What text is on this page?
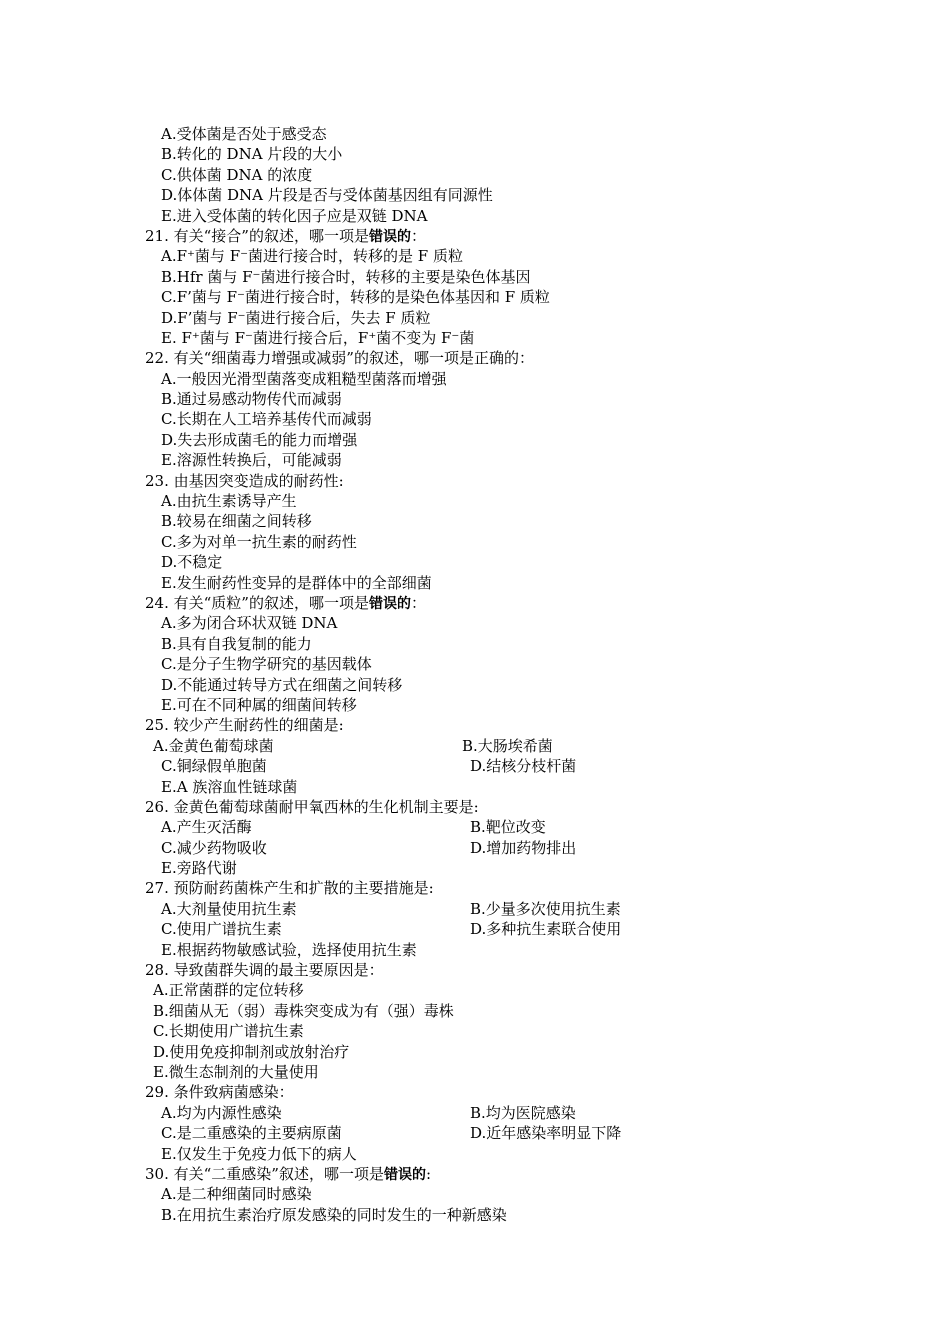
A.受体菌是否处于感受态
B.转化的 DNA 片段的大小
C.供体菌 DNA 的浓度
D.体体菌 DNA 片段是否与受体菌基因组有同源性
E.进入受体菌的转化因子应是双链 DNA
21. 有关“接合”的叙述，哪一项是错误的：
A.F⁺菌与 F⁻菌进行接合时，转移的是 F 质粒
B.Hfr 菌与 F⁻菌进行接合时，转移的主要是染色体基因
C.F’菌与 F⁻菌进行接合时，转移的是染色体基因和 F 质粒
D.F’菌与 F⁻菌进行接合后，失去 F 质粒
E. F⁺菌与 F⁻菌进行接合后，F⁺菌不变为 F⁻菌
22. 有关“细菌毒力增强或减弱”的叙述，哪一项是正确的：
A.一般因光滑型菌落变成粗糙型菌落而增强
B.通过易感动物传代而减弱
C.长期在人工培养基传代而减弱
D.失去形成菌毛的能力而增强
E.溶源性转换后，可能减弱
23. 由基因突变造成的耐药性:
A.由抗生素诱导产生
B.较易在细菌之间转移
C.多为对单一抗生素的耐药性
D.不稳定
E.发生耐药性变异的是群体中的全部细菌
24. 有关“质粒”的叙述，哪一项是错误的：
A.多为闭合环状双链 DNA
B.具有自我复制的能力
C.是分子生物学研究的基因载体
D.不能通过转导方式在细菌之间转移
E.可在不同种属的细菌间转移
25. 较少产生耐药性的细菌是:
A.金黄色葡萄球菌	B.大肠埃希菌
C.铜绿假单胞菌	D.结核分枝杆菌
E.A 族溶血性链球菌
26. 金黄色葡萄球菌耐甲氧西林的生化机制主要是:
A.产生灭活酶	B.靶位改变
C.减少药物吸收	D.增加药物排出
E.旁路代谢
27. 预防耐药菌株产生和扩散的主要措施是:
A.大剂量使用抗生素	B.少量多次使用抗生素
C.使用广谱抗生素	D.多种抗生素联合使用
E.根据药物敏感试验，选择使用抗生素
28. 导致菌群失调的最主要原因是：
A.正常菌群的定位转移
B.细菌从无（弱）毒株突变成为有（强）毒株
C.长期使用广谱抗生素
D.使用免疫抑制剂或放射治疗
E.微生态制剂的大量使用
29. 条件致病菌感染：
A.均为内源性感染	B.均为医院感染
C.是二重感染的主要病原菌	D.近年感染率明显下降
E.仅发生于免疫力低下的病人
30. 有关“二重感染”叙述，哪一项是错误的:
A.是二种细菌同时感染
B.在用抗生素治疗原发感染的同时发生的一种新感染
